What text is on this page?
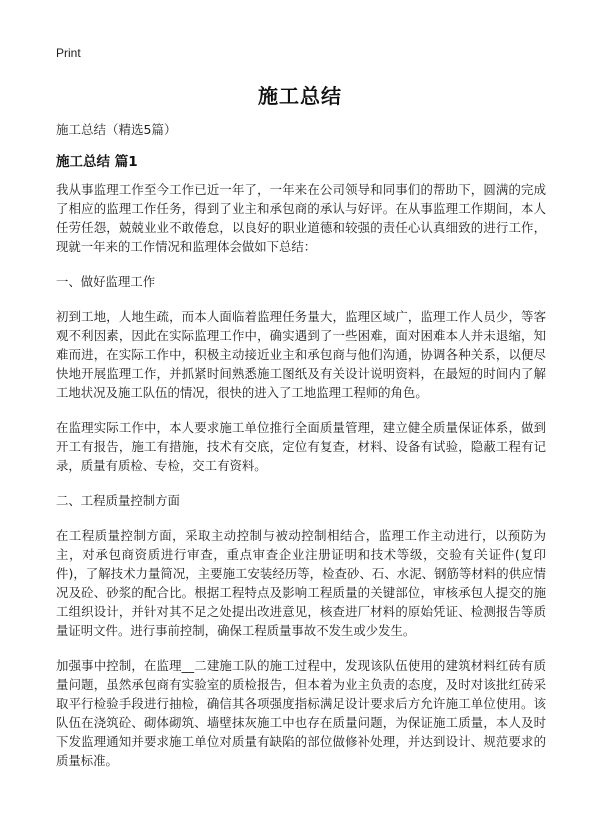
Print
施工总结
施工总结（精选5篇）
施工总结 篇1

我从事监理工作至今工作已近一年了，一年来在公司领导和同事们的帮助下，圆满的完成了相应的监理工作任务，得到了业主和承包商的承认与好评。在从事监理工作期间，本人任劳任怨，兢兢业业不敢倦怠，以良好的职业道德和较强的责任心认真细致的进行工作，现就一年来的工作情况和监理体会做如下总结：

一、做好监理工作

初到工地，人地生疏，而本人面临着监理任务量大，监理区域广，监理工作人员少，等客观不利因素，因此在实际监理工作中，确实遇到了一些困难，面对困难本人并未退缩，知难而进，在实际工作中，积极主动接近业主和承包商与他们沟通，协调各种关系，以便尽快地开展监理工作，并抓紧时间熟悉施工图纸及有关设计说明资料，在最短的时间内了解工地状况及施工队伍的情况，很快的进入了工地监理工程师的角色。

在监理实际工作中，本人要求施工单位推行全面质量管理，建立健全质量保证体系，做到开工有报告，施工有措施，技术有交底，定位有复查，材料、设备有试验，隐蔽工程有记录，质量有质检、专检，交工有资料。

二、工程质量控制方面

在工程质量控制方面，采取主动控制与被动控制相结合，监理工作主动进行，以预防为主，对承包商资质进行审查，重点审查企业注册证明和技术等级，交验有关证件(复印件)，了解技术力量简况，主要施工安装经历等，检查砂、石、水泥、钢筋等材料的供应情况及砼、砂浆的配合比。根据工程特点及影响工程质量的关键部位，审核承包人提交的施工组织设计，并针对其不足之处提出改进意见，核查进厂材料的原始凭证、检测报告等质量证明文件。进行事前控制，确保工程质量事故不发生或少发生。

加强事中控制，在监理__二建施工队的施工过程中，发现该队伍使用的建筑材料红砖有质量问题，虽然承包商有实验室的质检报告，但本着为业主负责的态度，及时对该批红砖采取平行检验手段进行抽检，确信其各项强度指标满足设计要求后方允许施工单位使用。该队伍在浇筑砼、砌体砌筑、墙壁抹灰施工中也存在质量问题，为保证施工质量，本人及时下发监理通知并要求施工单位对质量有缺陷的部位做修补处理，并达到设计、规范要求的质量标准。
